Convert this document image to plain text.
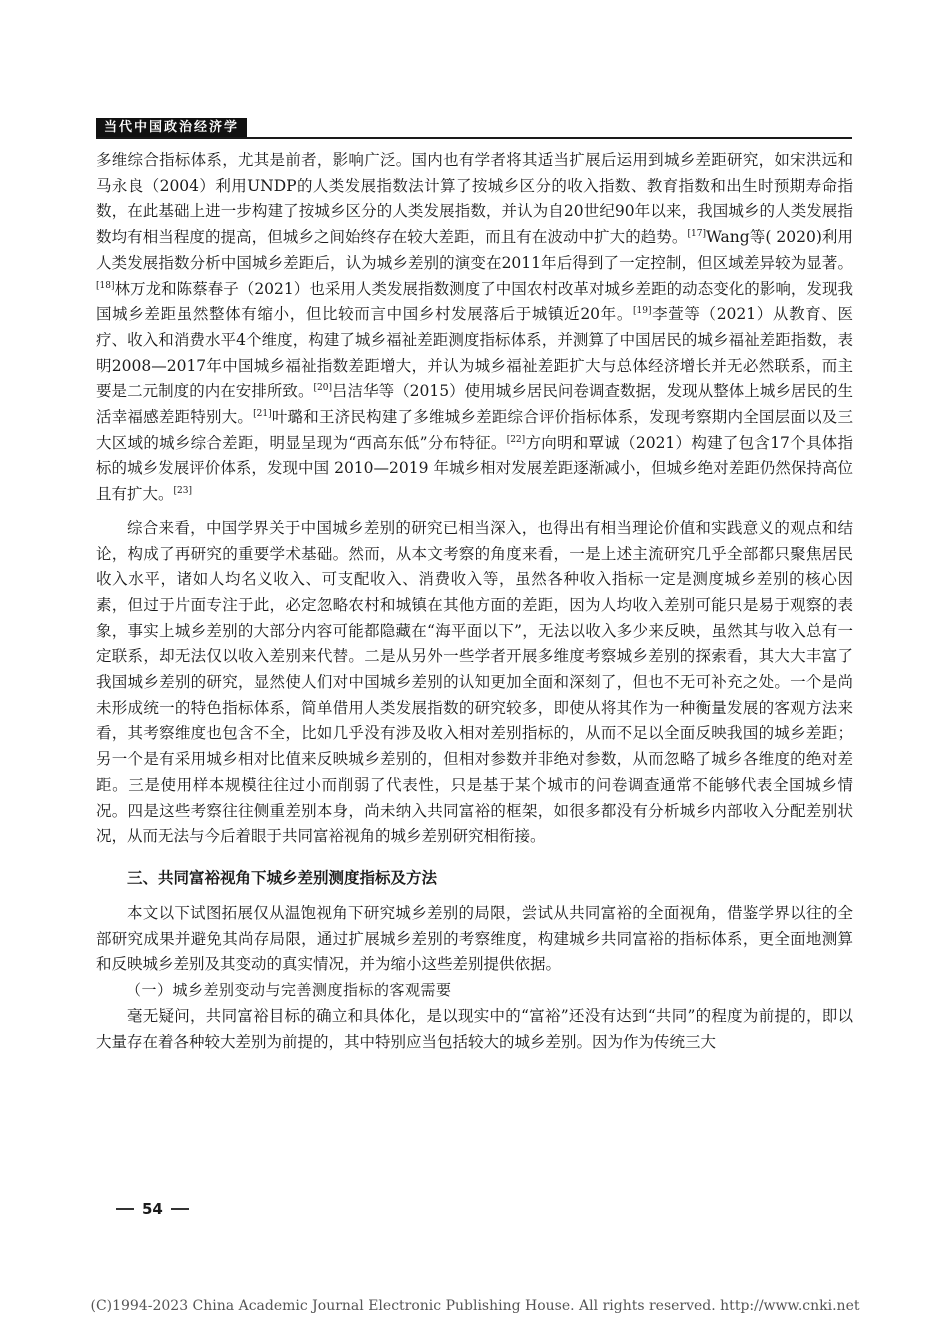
当代中国政治经济学

多维综合指标体系，尤其是前者，影响广泛。国内也有学者将其适当扩展后运用到城乡差距研究，如宋洪远和马永良（2004）利用UNDP的人类发展指数法计算了按城乡区分的收入指数、教育指数和出生时预期寿命指数，在此基础上进一步构建了按城乡区分的人类发展指数，并认为自20世纪90年以来，我国城乡的人类发展指数均有相当程度的提高，但城乡之间始终存在较大差距，而且有在波动中扩大的趋势。[17]Wang等( 2020)利用人类发展指数分析中国城乡差距后，认为城乡差别的演变在2011年后得到了一定控制，但区域差异较为显著。[18]林万龙和陈蔡春子（2021）也采用人类发展指数测度了中国农村改革对城乡差距的动态变化的影响，发现我国城乡差距虽然整体有缩小，但比较而言中国乡村发展落后于城镇近20年。[19]李萱等（2021）从教育、医疗、收入和消费水平4个维度，构建了城乡福祉差距测度指标体系，并测算了中国居民的城乡福祉差距指数，表明2008—2017年中国城乡福祉指数差距增大，并认为城乡福祉差距扩大与总体经济增长并无必然联系，而主要是二元制度的内在安排所致。[20]吕洁华等（2015）使用城乡居民问卷调查数据，发现从整体上城乡居民的生活幸福感差距特别大。[21]叶璐和王济民构建了多维城乡差距综合评价指标体系，发现考察期内全国层面以及三大区域的城乡综合差距，明显呈现为“西高东低”分布特征。[22]方向明和覃诚（2021）构建了包含17个具体指标的城乡发展评价体系，发现中国 2010—2019 年城乡相对发展差距逐渐减小，但城乡绝对差距仍然保持高位且有扩大。[23]

综合来看，中国学界关于中国城乡差别的研究已相当深入，也得出有相当理论价值和实践意义的观点和结论，构成了再研究的重要学术基础。然而，从本文考察的角度来看，一是上述主流研究几乎全部都只聚焦居民收入水平，诸如人均名义收入、可支配收入、消费收入等，虽然各种收入指标一定是测度城乡差别的核心因素，但过于片面专注于此，必定忽略农村和城镇在其他方面的差距，因为人均收入差别可能只是易于观察的表象，事实上城乡差别的大部分内容可能都隐藏在“海平面以下”，无法以收入多少来反映，虽然其与收入总有一定联系，却无法仅以收入差别来代替。二是从另外一些学者开展多维度考察城乡差别的探索看，其大大丰富了我国城乡差别的研究，显然使人们对中国城乡差别的认知更加全面和深刻了，但也不无可补充之处。一个是尚未形成统一的特色指标体系，简单借用人类发展指数的研究较多，即使从将其作为一种衡量发展的客观方法来看，其考察维度也包含不全，比如几乎没有涉及收入相对差别指标的，从而不足以全面反映我国的城乡差距；另一个是有采用城乡相对比值来反映城乡差别的，但相对参数并非绝对参数，从而忽略了城乡各维度的绝对差距。三是使用样本规模往往过小而削弱了代表性，只是基于某个城市的问卷调查通常不能够代表全国城乡情况。四是这些考察往往侧重差别本身，尚未纳入共同富裕的框架，如很多都没有分析城乡内部收入分配差别状况，从而无法与今后着眼于共同富裕视角的城乡差别研究相衔接。

三、共同富裕视角下城乡差别测度指标及方法

本文以下试图拓展仅从温饱视角下研究城乡差别的局限，尝试从共同富裕的全面视角，借鉴学界以往的全部研究成果并避免其尚存局限，通过扩展城乡差别的考察维度，构建城乡共同富裕的指标体系，更全面地测算和反映城乡差别及其变动的真实情况，并为缩小这些差别提供依据。

（一）城乡差别变动与完善测度指标的客观需要

毫无疑问，共同富裕目标的确立和具体化，是以现实中的“富裕”还没有达到“共同”的程度为前提的，即以大量存在着各种较大差别为前提的，其中特别应当包括较大的城乡差别。因为作为传统三大

54
(C)1994-2023 China Academic Journal Electronic Publishing House. All rights reserved. http://www.cnki.net
